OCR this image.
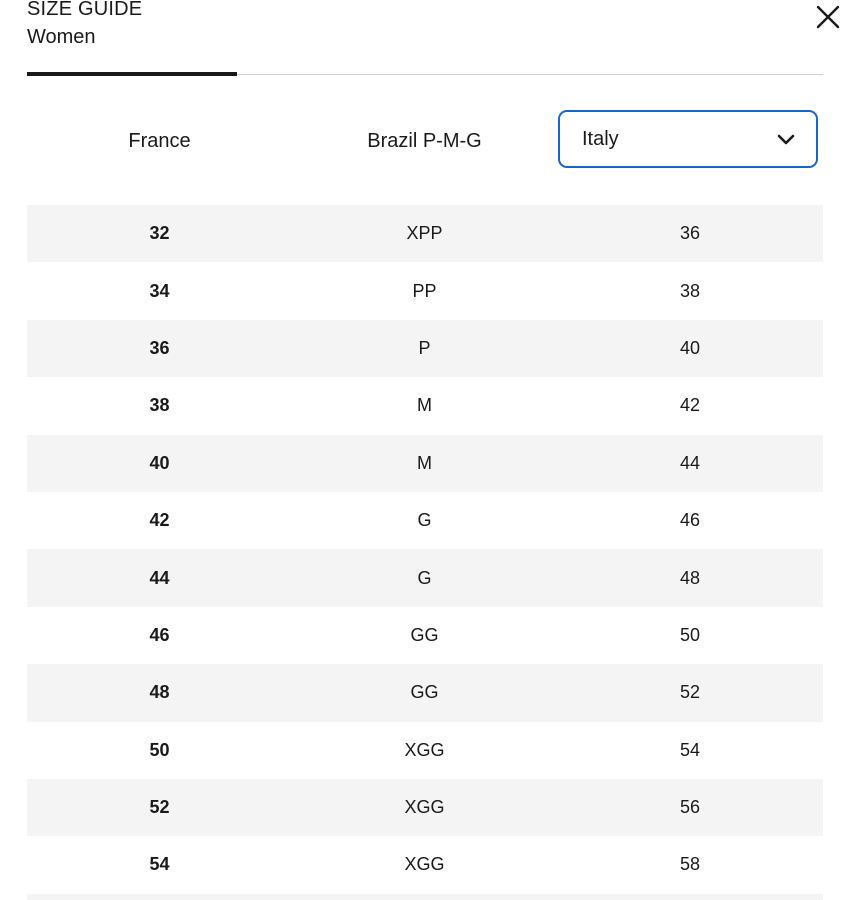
SIZE GUIDE
Women
France	Brazil P-M-G	Italy
32	XPP	36
34	PP	38
36	P	40
38	M	42
40	M	44
42	G	46
44	G	48
46	GG	50
48	GG	52
50	XGG	54
52	XGG	56
54	XGG	58
